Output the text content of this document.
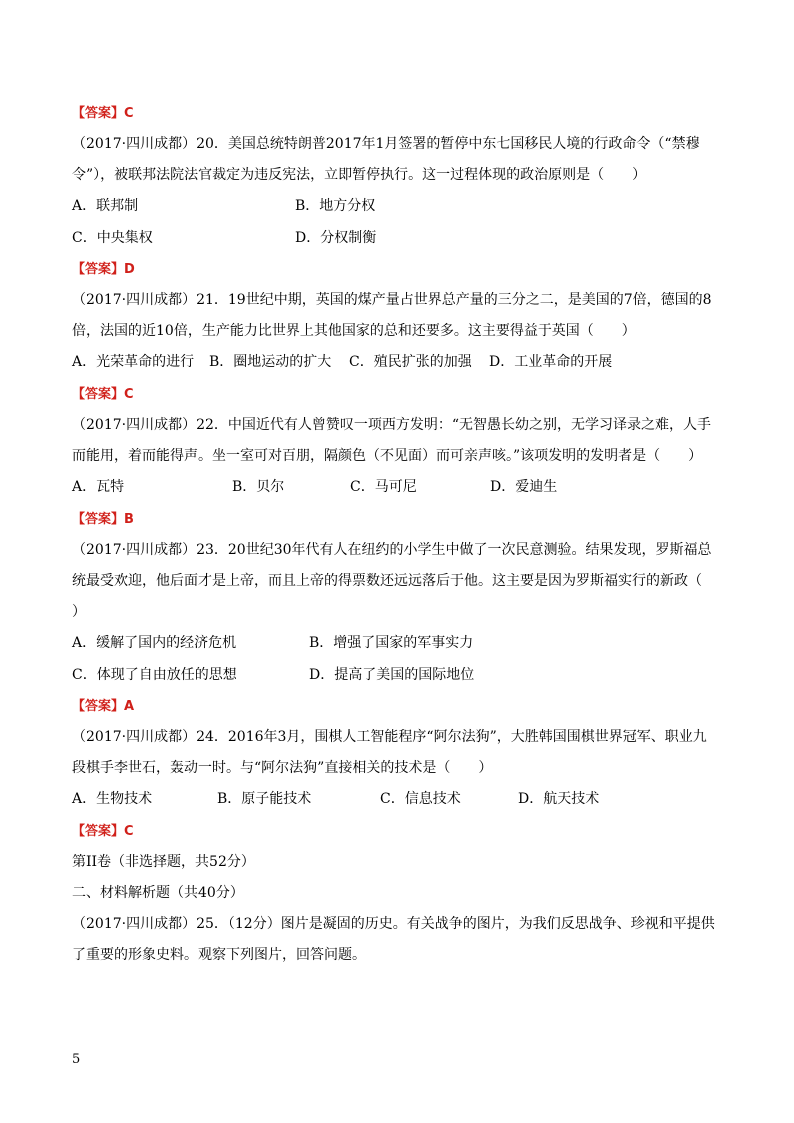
【答案】C
（2017·四川成都）20．美国总统特朗普2017年1月签署的暂停中东七国移民人境的行政命令（“禁穆
令”），被联邦法院法官裁定为违反宪法，立即暂停执行。这一过程体现的政治原则是（　　）
A．联邦制	B．地方分权
C．中央集权	D．分权制衡
【答案】D
（2017·四川成都）21．19世纪中期，英国的煤产量占世界总产量的三分之二，是美国的7倍，德国的8
倍，法国的近10倍，生产能力比世界上其他国家的总和还要多。这主要得益于英国（　　）
A．光荣革命的进行 B．圈地运动的扩大 C．殖民扩张的加强 D．工业革命的开展
【答案】C
（2017·四川成都）22．中国近代有人曾赞叹一项西方发明：“无智愚长幼之别，无学习译录之难，人手
而能用，着而能得声。坐一室可对百朋，隔颜色（不见面）而可亲声咳。”该项发明的发明者是（　　）
A．瓦特	B．贝尔	C．马可尼	D．爱迪生
【答案】B
（2017·四川成都）23．20世纪30年代有人在纽约的小学生中做了一次民意测验。结果发现，罗斯福总
统最受欢迎，他后面才是上帝，而且上帝的得票数还远远落后于他。这主要是因为罗斯福实行的新政（
）
A．缓解了国内的经济危机	B．增强了国家的军事实力
C．体现了自由放任的思想	D．提高了美国的国际地位
【答案】A
（2017·四川成都）24．2016年3月，围棋人工智能程序“阿尔法狗”，大胜韩国围棋世界冠军、职业九
段棋手李世石，轰动一时。与“阿尔法狗”直接相关的技术是（　　）
A．生物技术	B．原子能技术	C．信息技术	D．航天技术
【答案】C
第II卷（非选择题，共52分）
二、材料解析题（共40分）
（2017·四川成都）25．（12分）图片是凝固的历史。有关战争的图片，为我们反思战争、珍视和平提供
了重要的形象史料。观察下列图片，回答问题。
5
